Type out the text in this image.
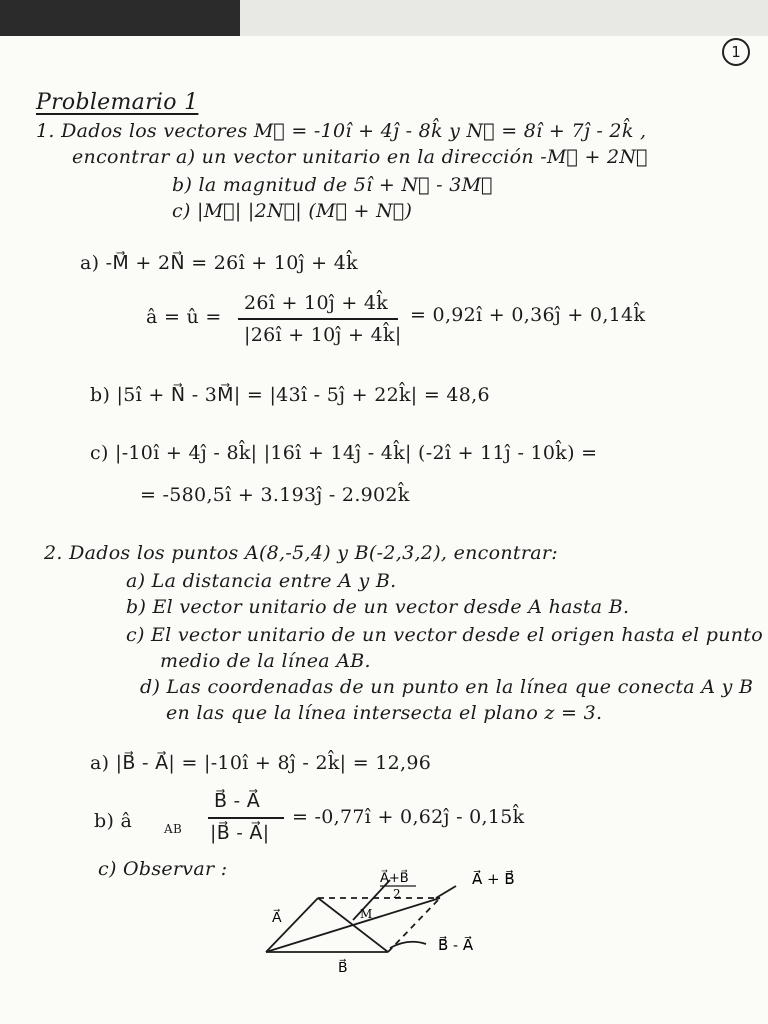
1
Problemario 1
1. Dados los vectores M⃗ = -10î + 4ĵ - 8k̂ y N⃗ = 8î + 7ĵ - 2k̂ ,
encontrar a) un vector unitario en la dirección -M⃗ + 2N⃗
b) la magnitud de 5î + N⃗ - 3M⃗
c) |M⃗| |2N⃗| (M⃗ + N⃗)
a) -M⃗ + 2N⃗ = 26î + 10ĵ + 4k̂
â = û =
26î + 10ĵ + 4k̂
|26î + 10ĵ + 4k̂|
= 0,92î + 0,36ĵ + 0,14k̂
b) |5î + N⃗ - 3M⃗| = |43î - 5ĵ + 22k̂| = 48,6
c) |-10î + 4ĵ - 8k̂| |16î + 14ĵ - 4k̂| (-2î + 11ĵ - 10k̂) =
= -580,5î + 3.193ĵ - 2.902k̂
2. Dados los puntos A(8,-5,4) y B(-2,3,2), encontrar:
a) La distancia entre A y B.
b) El vector unitario de un vector desde A hasta B.
c) El vector unitario de un vector desde el origen hasta el punto
medio de la línea AB.
d) Las coordenadas de un punto en la línea que conecta A y B
en las que la línea intersecta el plano z = 3.
a) |B⃗ - A⃗| = |-10î + 8ĵ - 2k̂| = 12,96
b) â	AB
B⃗ - A⃗
|B⃗ - A⃗|
= -0,77î + 0,62ĵ - 0,15k̂
c) Observar :	A⃗+B⃗
2
A⃗ + B⃗
A⃗	M
B⃗
B⃗ - A⃗
